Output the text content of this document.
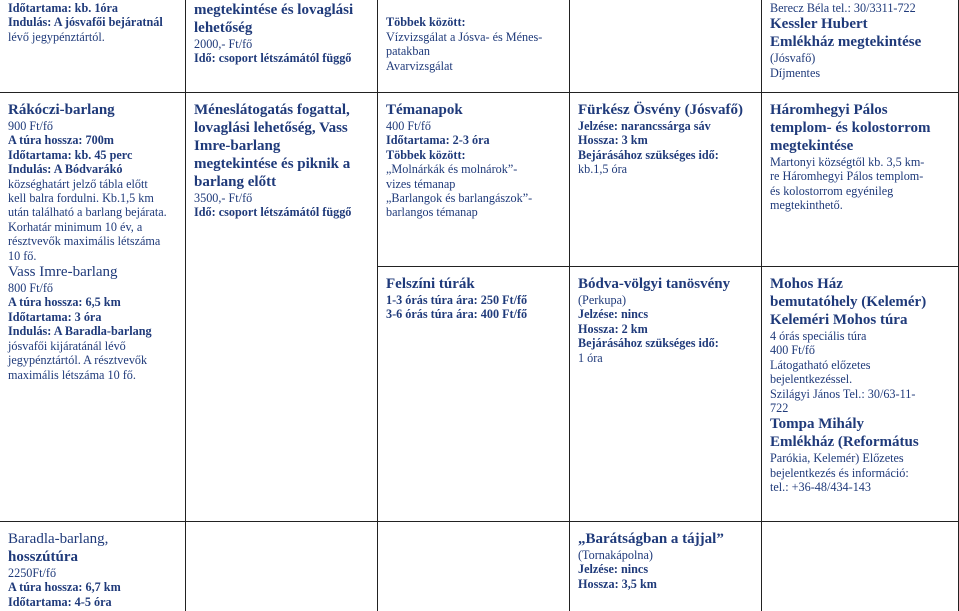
Időtartama: kb. 1óra
Indulás: A jósvafői bejáratnál
lévő jegypénztártól.
Rákóczi-barlang
900 Ft/fő
A túra hossza: 700m
Időtartama: kb. 45 perc
Indulás: A Bódvarákó
községhatárt jelző tábla előtt
kell balra fordulni. Kb.1,5 km
után található a barlang bejárata.
Korhatár minimum 10 év, a
résztvevők maximális létszáma
10 fő.
Vass Imre-barlang
800 Ft/fő
A túra hossza: 6,5 km
Időtartama: 3 óra
Indulás: A Baradla-barlang
jósvafői kijáratánál lévő
jegypénztártól. A résztvevők
maximális létszáma 10 fő.
Baradla-barlang,
hosszútúra
2250Ft/fő
A túra hossza: 6,7 km
Időtartama: 4-5 óra
megtekintése és lovaglási
lehetőség
2000,- Ft/fő
Idő: csoport létszámától függő
Méneslátogatás fogattal,
lovaglási lehetőség, Vass
Imre-barlang
megtekintése és piknik a
barlang előtt
3500,- Ft/fő
Idő: csoport létszámától függő

Többek között:
Vízvizsgálat a Jósva- és Ménes-
patakban
Avarvizsgálat
Témanapok
400 Ft/fő
Időtartama: 2-3 óra
Többek között:
„Molnárkák és molnárok”-
vizes témanap
„Barlangok és barlangászok”-
barlangos témanap
Felszíni túrák
1-3 órás túra ára: 250 Ft/fő
3-6 órás túra ára: 400 Ft/fő
Fürkész Ösvény (Jósvafő)
Jelzése: narancssárga sáv
Hossza: 3 km
Bejárásához szükséges idő:
kb.1,5 óra
Bódva-völgyi tanösvény
(Perkupa)
Jelzése: nincs
Hossza: 2 km
Bejárásához szükséges idő:
1 óra
„Barátságban a tájjal”
(Tornakápolna)
Jelzése: nincs
Hossza: 3,5 km
Berecz Béla tel.: 30/3311-722
Kessler Hubert
Emlékház megtekintése
(Jósvafő)
Díjmentes
Háromhegyi Pálos
templom- és kolostorrom
megtekintése
Martonyi községtől kb. 3,5 km-
re Háromhegyi Pálos templom-
és kolostorrom egyénileg
megtekinthető.
Mohos Ház
bemutatóhely (Kelemér)
Keleméri Mohos túra
4 órás speciális túra
400 Ft/fő
Látogatható előzetes
bejelentkezéssel.
Szilágyi János Tel.: 30/63-11-
722
Tompa Mihály
Emlékház (Református
Parókia, Kelemér) Előzetes
bejelentkezés és információ:
tel.: +36-48/434-143
